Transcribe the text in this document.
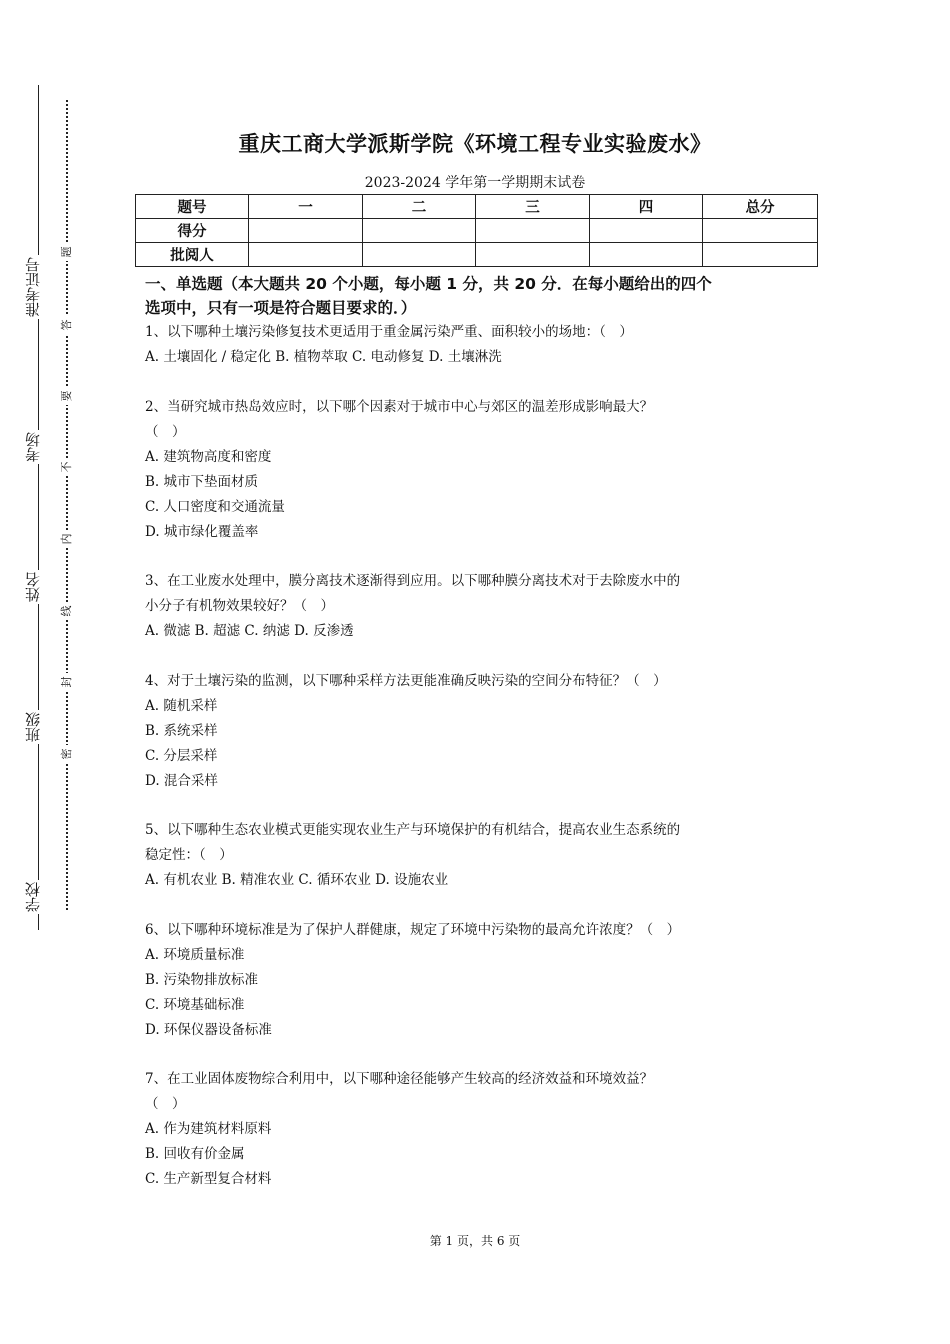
准考证号
考场
姓名
班级
学校
题
答
要
不
内
线
封
密
重庆工商大学派斯学院《环境工程专业实验废水》
2023-2024 学年第一学期期末试卷
题号	一	二	三	四	总分
得分					
批阅人					
一、单选题（本大题共 20 个小题，每小题 1 分，共 20 分．在每小题给出的四个
选项中，只有一项是符合题目要求的．）
1、以下哪种土壤污染修复技术更适用于重金属污染严重、面积较小的场地：（　）
A. 土壤固化 / 稳定化 B. 植物萃取 C. 电动修复 D. 土壤淋洗
2、当研究城市热岛效应时，以下哪个因素对于城市中心与郊区的温差形成影响最大？
（　）
A. 建筑物高度和密度
B. 城市下垫面材质
C. 人口密度和交通流量
D. 城市绿化覆盖率
3、在工业废水处理中，膜分离技术逐渐得到应用。以下哪种膜分离技术对于去除废水中的
小分子有机物效果较好？（　）
A. 微滤 B. 超滤 C. 纳滤 D. 反渗透
4、对于土壤污染的监测，以下哪种采样方法更能准确反映污染的空间分布特征？（　）
A. 随机采样
B. 系统采样
C. 分层采样
D. 混合采样
5、以下哪种生态农业模式更能实现农业生产与环境保护的有机结合，提高农业生态系统的
稳定性：（　）
A. 有机农业 B. 精准农业 C. 循环农业 D. 设施农业
6、以下哪种环境标准是为了保护人群健康，规定了环境中污染物的最高允许浓度？（　）
A. 环境质量标准
B. 污染物排放标准
C. 环境基础标准
D. 环保仪器设备标准
7、在工业固体废物综合利用中，以下哪种途径能够产生较高的经济效益和环境效益？
（　）
A. 作为建筑材料原料
B. 回收有价金属
C. 生产新型复合材料
第 1 页，共 6 页
